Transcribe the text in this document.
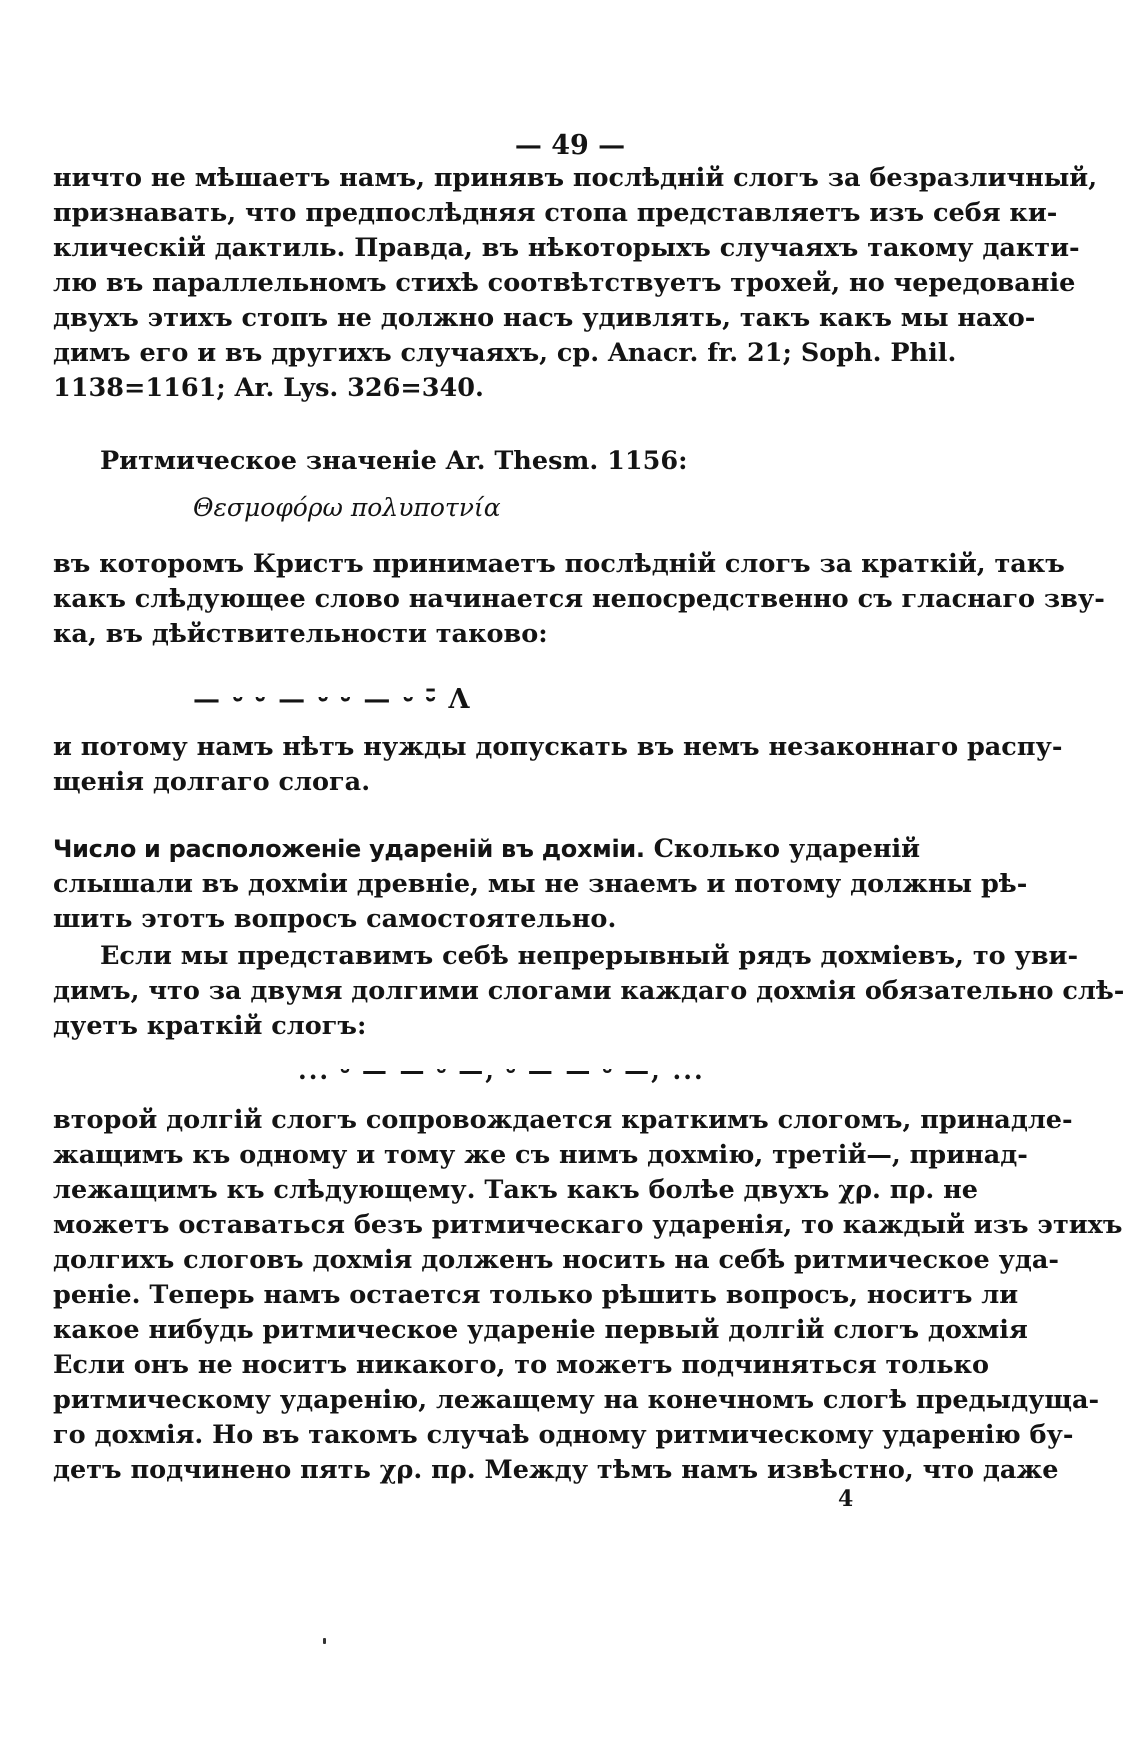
— 49 —
ничто не мѣшаетъ намъ, принявъ послѣдній слогъ за безразличный,
признавать, что предпослѣдняя стопа представляетъ изъ себя ки-
клическій дактиль. Правда, въ нѣкоторыхъ случаяхъ такому дакти-
лю въ параллельномъ стихѣ соотвѣтствуетъ трохей, но чередованіе
двухъ этихъ стопъ не должно насъ удивлять, такъ какъ мы нахо-
димъ его и въ другихъ случаяхъ, ср. Anacr. fr. 21; Soph. Phil.
1138=1161; Ar. Lys. 326=340.
Ритмическое значеніе Ar. Thesm. 1156:
Θεσμοφόρω πολυποτνία
въ которомъ Кристъ принимаетъ послѣдній слогъ за краткій, такъ
какъ слѣдующее слово начинается непосредственно съ гласнаго зву-
ка, въ дѣйствительности таково:
— ⏑ ⏑ — ⏑ ⏑ — ⏑ ⏑̄ Λ
и потому намъ нѣтъ нужды допускать въ немъ незаконнаго распу-
щенія долгаго слога.
Число и расположеніе удареній въ дохміи. Сколько удареній
слышали въ дохміи древніе, мы не знаемъ и потому должны рѣ-
шить этотъ вопросъ самостоятельно.
Если мы представимъ себѣ непрерывный рядъ дохміевъ, то уви-
димъ, что за двумя долгими слогами каждаго дохмія обязательно слѣ-
дуетъ краткій слогъ:
... ⏑ — — ⏑ —, ⏑ — — ⏑ —, ...
второй долгій слогъ сопровождается краткимъ слогомъ, принадле-
жащимъ къ одному и тому же съ нимъ дохмію, третій—, принад-
лежащимъ къ слѣдующему. Такъ какъ болѣе двухъ χρ. πρ. не
можетъ оставаться безъ ритмическаго ударенія, то каждый изъ этихъ
долгихъ слоговъ дохмія долженъ носить на себѣ ритмическое уда-
реніе. Теперь намъ остается только рѣшить вопросъ, носитъ ли
какое нибудь ритмическое удареніе первый долгій слогъ дохмія
Если онъ не носитъ никакого, то можетъ подчиняться только
ритмическому ударенію, лежащему на конечномъ слогѣ предыдуща-
го дохмія. Но въ такомъ случаѣ одному ритмическому ударенію бу-
детъ подчинено пять χρ. πρ. Между тѣмъ намъ извѣстно, что даже
4
